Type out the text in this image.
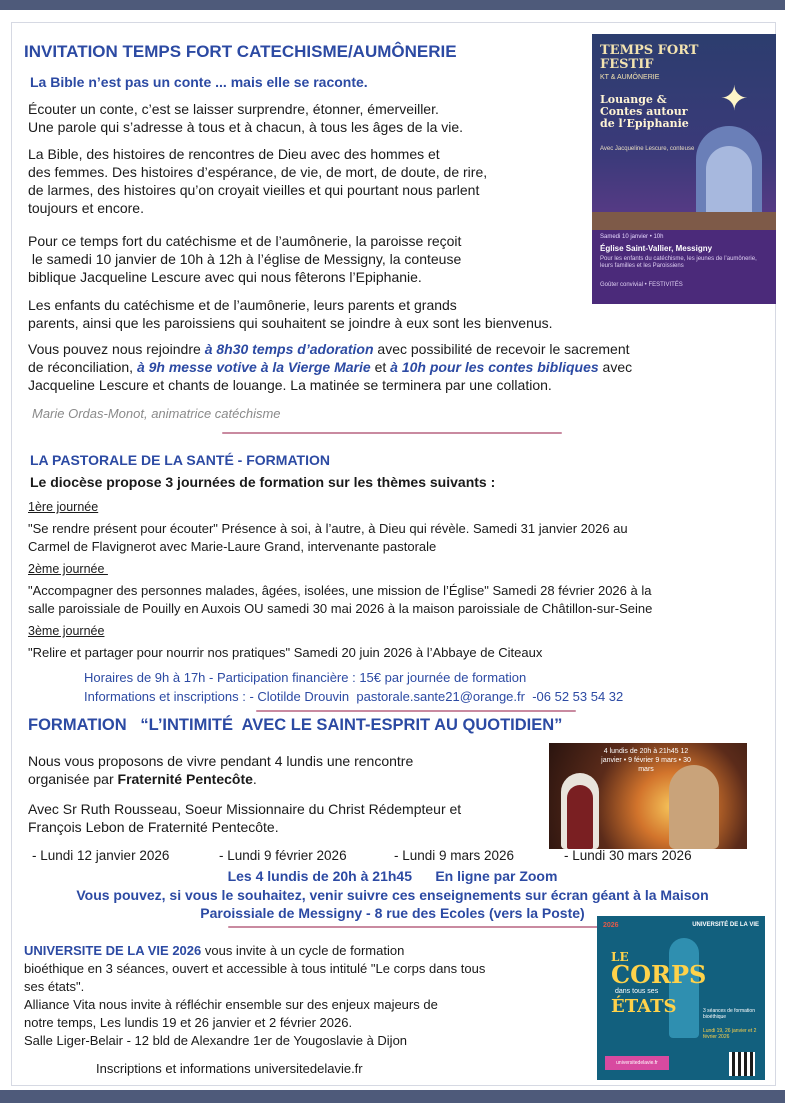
INVITATION TEMPS FORT CATECHISME/AUMÔNERIE
La Bible n’est pas un conte ... mais elle se raconte.

Écouter un conte, c’est se laisser surprendre, étonner, émerveiller.

Une parole qui s’adresse à tous et à chacun, à tous les âges de la vie.

La Bible, des histoires de rencontres de Dieu avec des hommes et

des femmes. Des histoires d’espérance, de vie, de mort, de doute, de rire,

de larmes, des histoires qu’on croyait vieilles et qui pourtant nous parlent

toujours et encore.

Pour ce temps fort du catéchisme et de l’aumônerie, la paroisse reçoit

le samedi 10 janvier de 10h à 12h à l’église de Messigny, la conteuse

biblique Jacqueline Lescure avec qui nous fêterons l’Epiphanie.

Les enfants du catéchisme et de l’aumônerie, leurs parents et grands

parents, ainsi que les paroissiens qui souhaitent se joindre à eux sont les bienvenus.

Vous pouvez nous rejoindre à 8h30 temps d’adoration avec possibilité de recevoir le sacrement

de réconciliation, à 9h messe votive à la Vierge Marie et à 10h pour les contes bibliques avec

Jacqueline Lescure et chants de louange. La matinée se terminera par une collation.

Marie Ordas-Monot, animatrice catéchisme
✦
TEMPS FORT
FESTIF
KT & AUMÔNERIE
Louange & Contes autour de l’Epiphanie
Avec Jacqueline Lescure, conteuse
Samedi 10 janvier • 10h
Église Saint-Vallier, Messigny
Pour les enfants du catéchisme, les jeunes de l’aumônerie, leurs familles et les Paroissiens
Goûter convivial • FESTIVITÉS
LA PASTORALE DE LA SANTÉ - FORMATION
Le diocèse propose 3 journées de formation sur les thèmes suivants :
1ère journée

"Se rendre présent pour écouter" Présence à soi, à l’autre, à Dieu qui révèle. Samedi 31 janvier 2026 au

Carmel de Flavignerot avec Marie-Laure Grand, intervenante pastorale

2ème journée

"Accompagner des personnes malades, âgées, isolées, une mission de l’Église" Samedi 28 février 2026 à la

salle paroissiale de Pouilly en Auxois OU samedi 30 mai 2026 à la maison paroissiale de Châtillon-sur-Seine

3ème journée

"Relire et partager pour nourrir nos pratiques" Samedi 20 juin 2026 à l’Abbaye de Citeaux

Horaires de 9h à 17h - Participation financière : 15€ par journée de formation
Informations et inscriptions : - Clotilde Drouvin  pastorale.sante21@orange.fr  -06 52 53 54 32
FORMATION   “L’INTIMITÉ  AVEC LE SAINT-ESPRIT AU QUOTIDIEN”

Nous vous proposons de vivre pendant 4 lundis une rencontre

organisée par Fraternité Pentecôte.

Avec Sr Ruth Rousseau, Soeur Missionnaire du Christ Rédempteur et

François Lebon de Fraternité Pentecôte.

4 lundis de 20h à 21h45 12 janvier • 9 février 9 mars • 30 mars
- Lundi 12 janvier 2026	- Lundi 9 février 2026	- Lundi 9 mars 2026	- Lundi 30 mars 2026
Les 4 lundis de 20h à 21h45      En ligne par Zoom
Vous pouvez, si vous le souhaitez, venir suivre ces enseignements sur écran géant à la Maison
Paroissiale de Messigny - 8 rue des Ecoles (vers la Poste)

UNIVERSITE DE LA VIE 2026 vous invite à un cycle de formation

bioéthique en 3 séances, ouvert et accessible à tous intitulé "Le corps dans tous

ses états".

Alliance Vita nous invite à réfléchir ensemble sur des enjeux majeurs de

notre temps, Les lundis 19 et 26 janvier et 2 février 2026.

Salle Liger-Belair - 12 bld de Alexandre 1er de Yougoslavie à Dijon

Inscriptions et informations universitedelavie.fr
2026	UNIVERSITÉ DE LA VIE
LE
CORPS
dans tous ses
ÉTATS	3 séances de formation bioéthique
Lundi 19, 26 janvier et 2 février 2026
universitedelavie.fr
